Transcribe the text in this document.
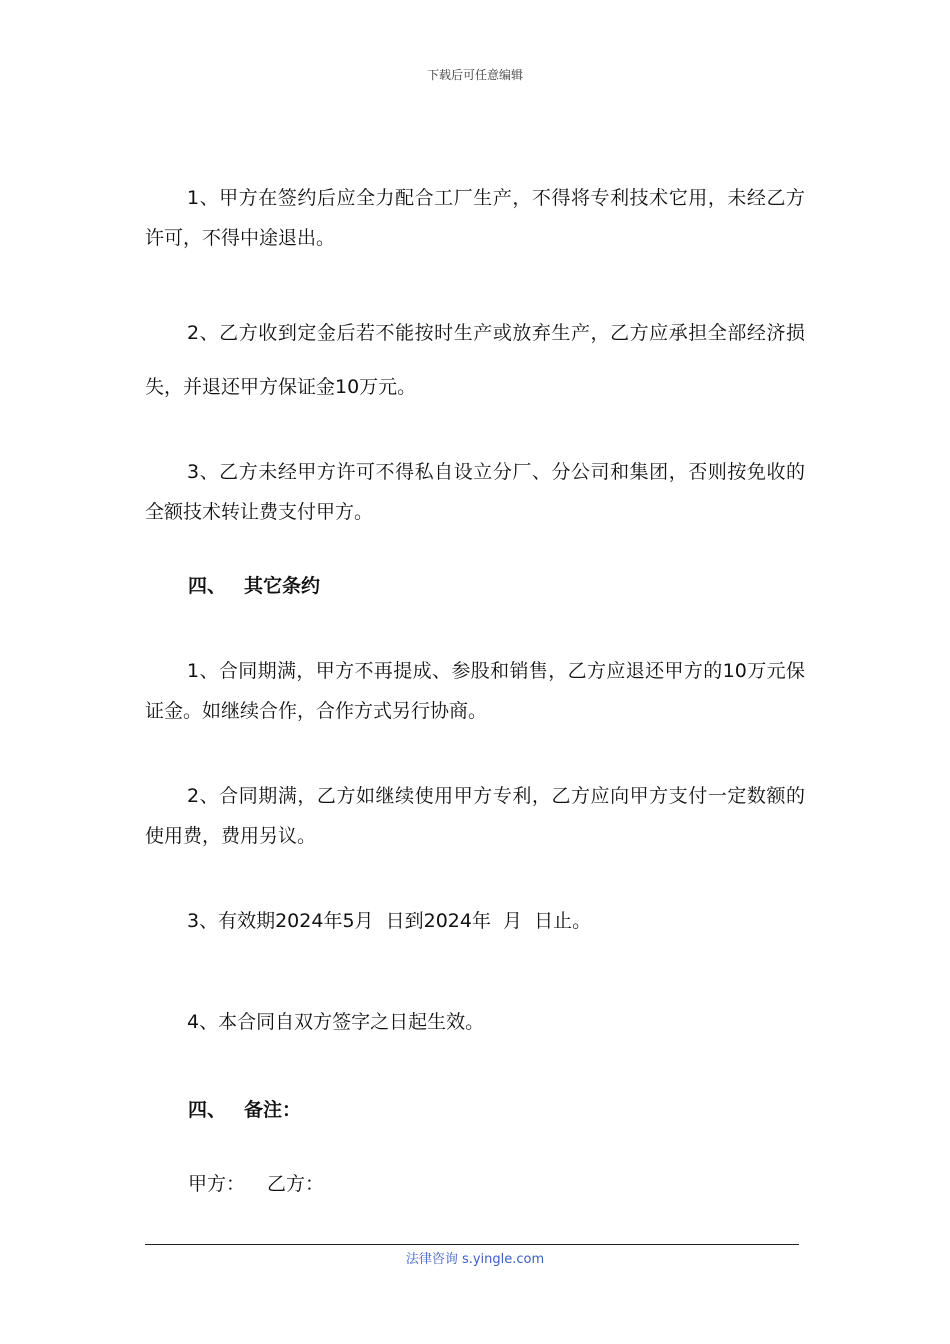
下载后可任意编辑

1、甲方在签约后应全力配合工厂生产，不得将专利技术它用，未经乙方许可，不得中途退出。

2、乙方收到定金后若不能按时生产或放弃生产，乙方应承担全部经济损失，并退还甲方保证金10万元。

3、乙方未经甲方许可不得私自设立分厂、分公司和集团，否则按免收的全额技术转让费支付甲方。

四、 其它条约

1、合同期满，甲方不再提成、参股和销售，乙方应退还甲方的10万元保证金。如继续合作，合作方式另行协商。

2、合同期满，乙方如继续使用甲方专利，乙方应向甲方支付一定数额的使用费，费用另议。

3、有效期2024年5月  日到2024年  月  日止。

4、本合同自双方签字之日起生效。

四、 备注：
甲方： 乙方：
法律咨询 s.yingle.com
